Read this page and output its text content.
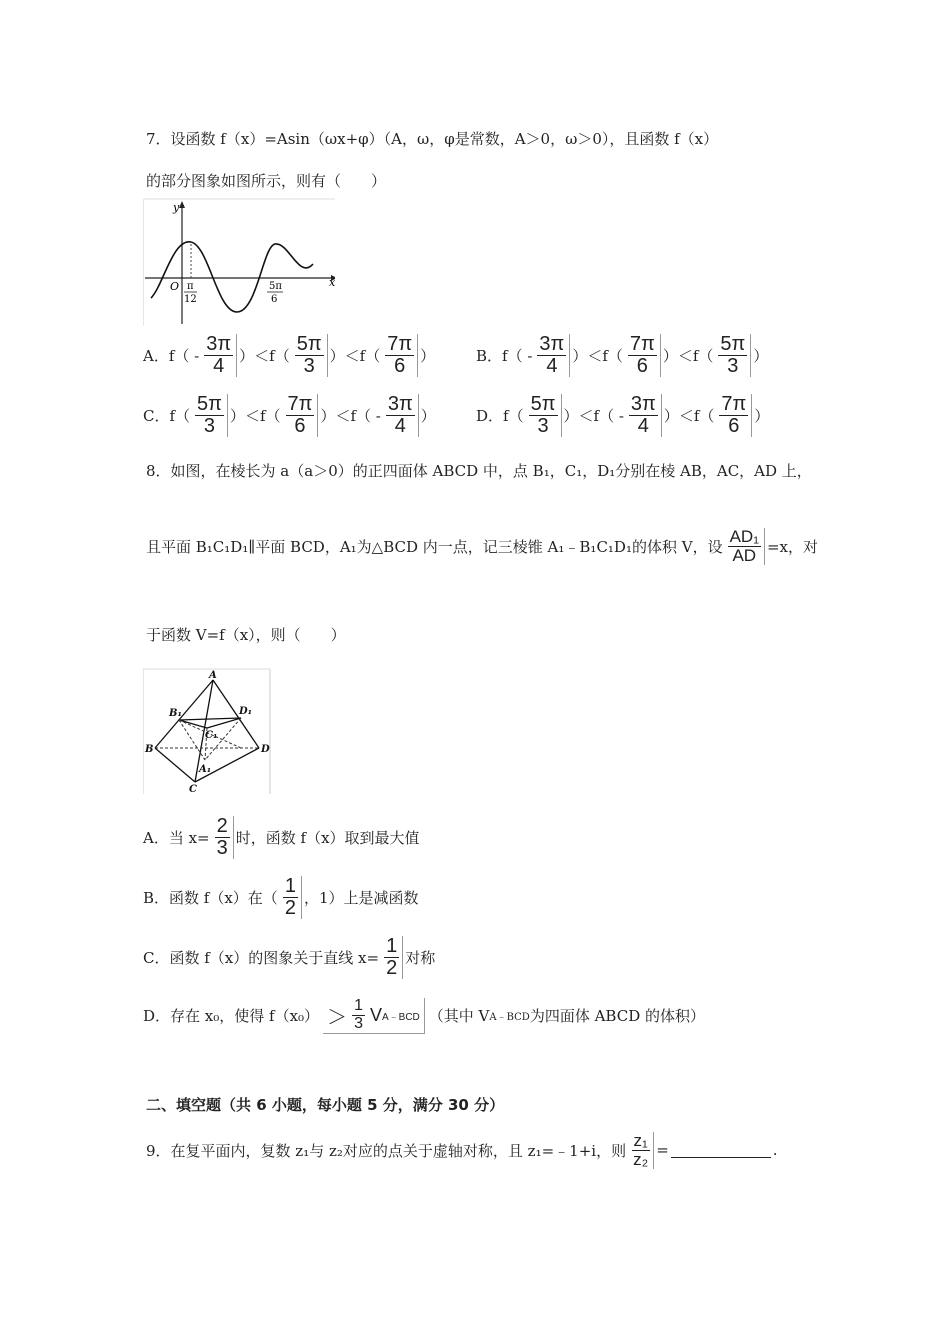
7．设函数 f（x）=Asin（ωx+φ）（A，ω，φ是常数，A＞0，ω＞0），且函数 f（x）
的部分图象如图所示，则有（　　）
y
x
O π
12
5π
6
A．$f( - \frac{3\pi}{4} )<f( \frac{5\pi}{3} )<f( \frac{7\pi}{6}$ ）	B．$f( - \frac{3\pi}{4} )<f( \frac{7\pi}{6} )<f( \frac{5\pi}{3}$ ）
C．$f( \frac{5\pi}{3} )<f( \frac{7\pi}{6} )<f( - \frac{3\pi}{4}$ ）	D．$f( \frac{5\pi}{3} )<f( - \frac{3\pi}{4} )<f( \frac{7\pi}{6}$ ）
8．如图，在棱长为 a（a＞0）的正四面体 ABCD 中，点 B₁，C₁，D₁分别在棱 AB，AC，AD 上，
且平面 B₁C₁D₁∥平面 BCD，A₁为△BCD 内一点，记三棱锥 A₁﹣B₁C₁D₁的体积 V，设 $\frac{\text{AD₁}}{AD} =x$，对
于函数 V=f（x），则（　　）
A
B
C
D
B₁
C₁
D₁
A₁
A．当 $x= \frac{2}{3}$ 时，函数 f（x）取到最大值
B．函数 f（x）在（ $\frac{1}{2}$ ，1）上是减函数
C．函数 f（x）的图象关于直线 $x= \frac{1}{2}$ 对称
D．存在 x₀，使得 $f(x_0) > \frac{1}{3}$ V A﹣BCD （其中 V A﹣BCD 为四面体 ABCD 的体积）
二、填空题（共 6 小题，每小题 5 分，满分 30 分）
9．在复平面内，复数 z₁与 z₂对应的点关于虚轴对称，且 z₁=﹣1+i，则 $\frac{\text{z₁}}{\text{z₂}}$ =	.
